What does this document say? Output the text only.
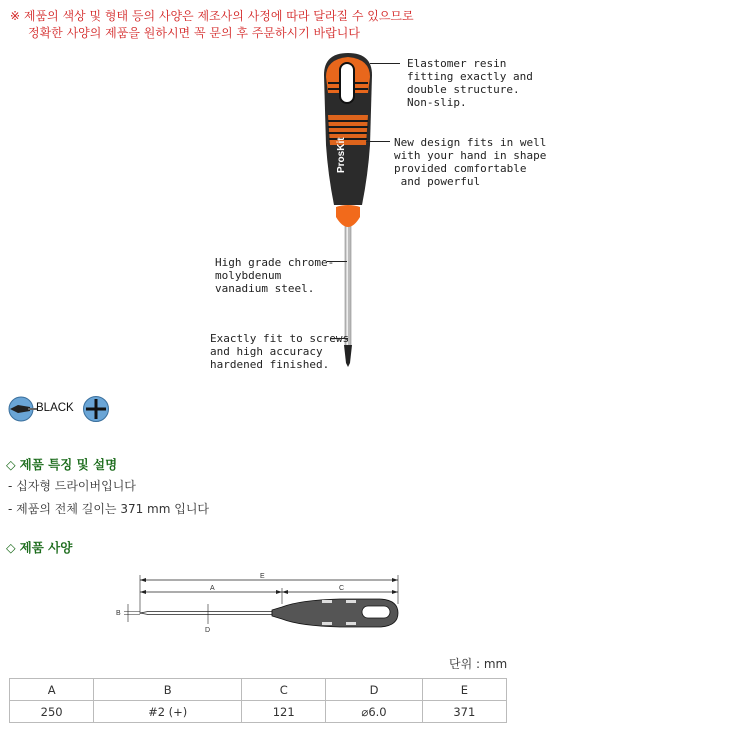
※ 제품의 색상 및 형태 등의 사양은 제조사의 사정에 따라 달라질 수 있으므로
정확한 사양의 제품을 원하시면 꼭 문의 후 주문하시기 바랍니다
ProsKit
Elastomer resin
fitting exactly and
double structure.
Non-slip.
New design fits in well
with your hand in shape
provided comfortable
and powerful
High grade chrome-
molybdenum
vanadium steel.
Exactly fit to screws
and high accuracy
hardened finished.
BLACK
◇ 제품 특징 및 설명
- 십자형 드라이버입니다
- 제품의 전체 길이는 371 mm 입니다
◇ 제품 사양
E
A	C
B
D
단위 : mm
A	B	C	D	E
250	#2 (+)	121	⌀6.0	371
